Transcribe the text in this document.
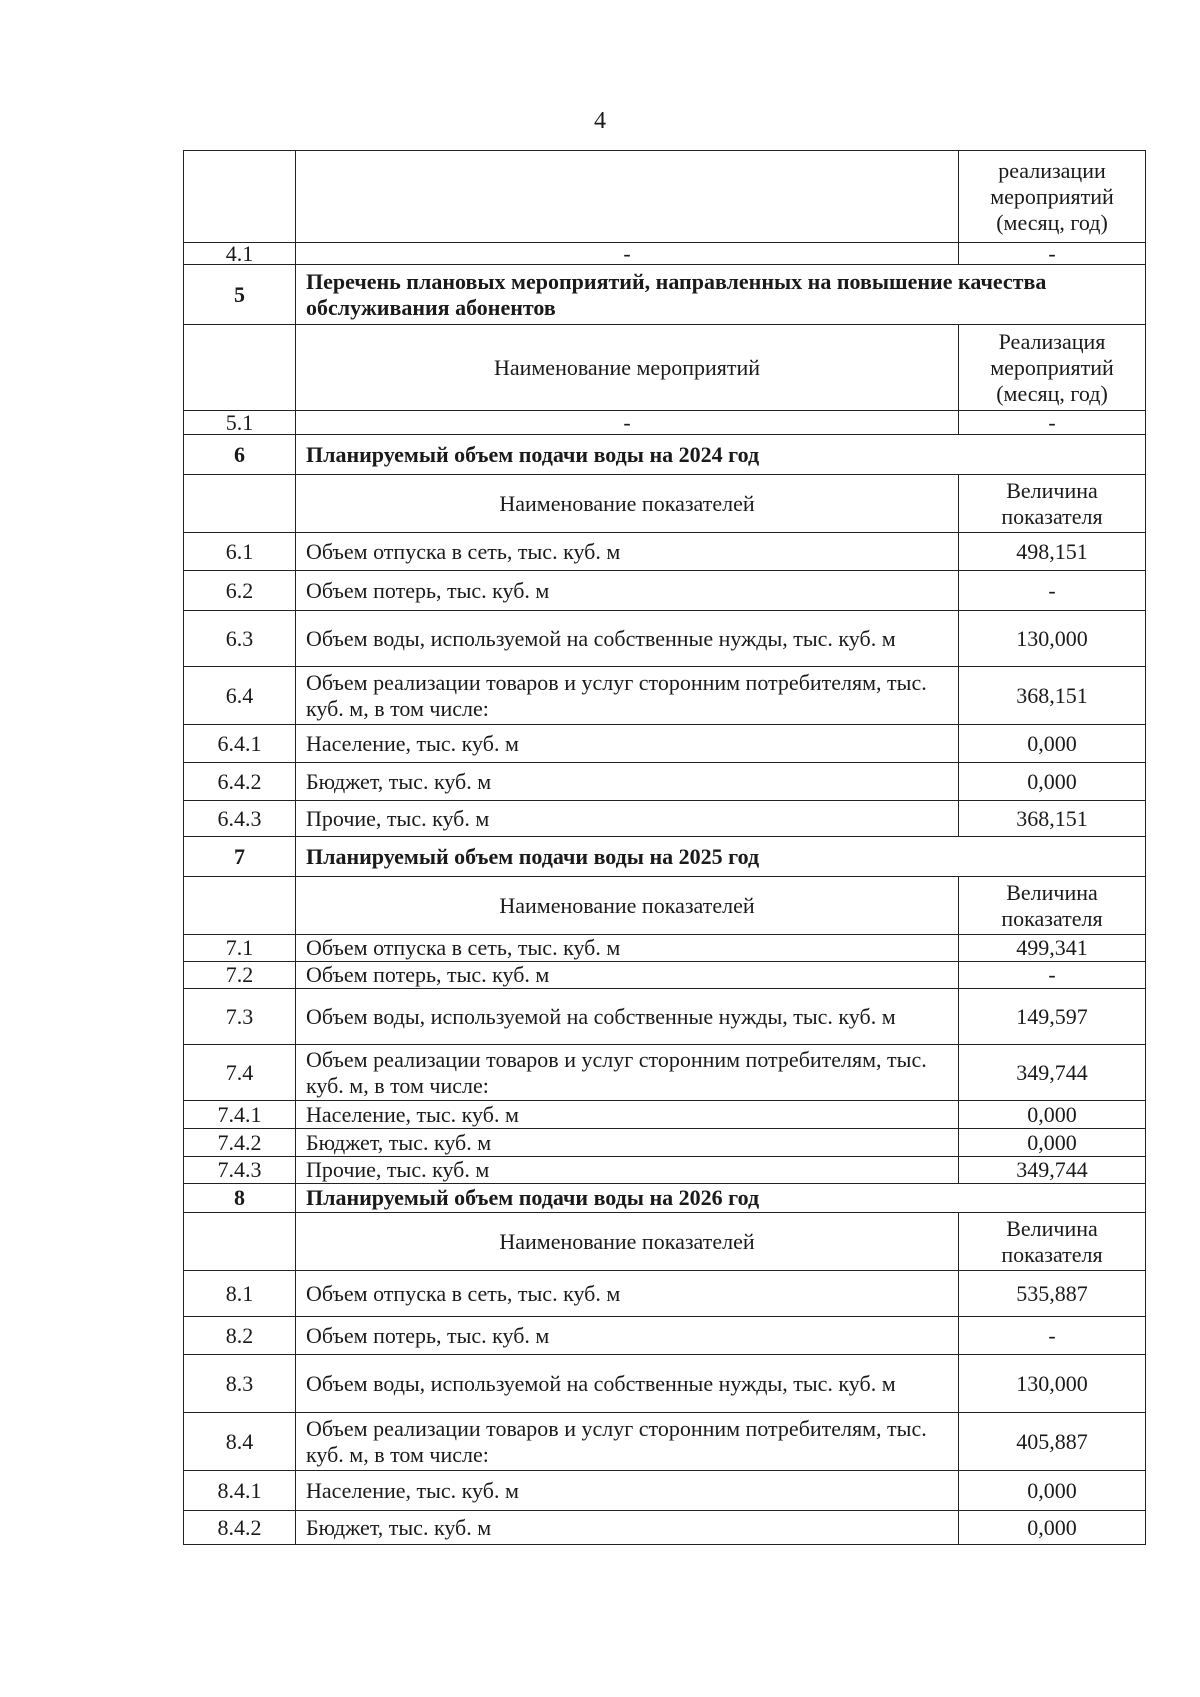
4
		реализации мероприятий (месяц, год)
4.1	-	-
5	Перечень плановых мероприятий, направленных на повышение качества обслуживания абонентов	
	Наименование мероприятий	Реализация мероприятий (месяц, год)
5.1	-	-
6	Планируемый объем подачи воды на 2024 год	
	Наименование показателей	Величина показателя
6.1	Объем отпуска в сеть, тыс. куб. м	498,151
6.2	Объем потерь, тыс. куб. м	-
6.3	Объем воды, используемой на собственные нужды, тыс. куб. м	130,000
6.4	Объем реализации товаров и услуг сторонним потребителям, тыс. куб. м, в том числе:	368,151
6.4.1	Население, тыс. куб. м	0,000
6.4.2	Бюджет, тыс. куб. м	0,000
6.4.3	Прочие, тыс. куб. м	368,151
7	Планируемый объем подачи воды на 2025 год	
	Наименование показателей	Величина показателя
7.1	Объем отпуска в сеть, тыс. куб. м	499,341
7.2	Объем потерь, тыс. куб. м	-
7.3	Объем воды, используемой на собственные нужды, тыс. куб. м	149,597
7.4	Объем реализации товаров и услуг сторонним потребителям, тыс. куб. м, в том числе:	349,744
7.4.1	Население, тыс. куб. м	0,000
7.4.2	Бюджет, тыс. куб. м	0,000
7.4.3	Прочие, тыс. куб. м	349,744
8	Планируемый объем подачи воды на 2026 год	
	Наименование показателей	Величина показателя
8.1	Объем отпуска в сеть, тыс. куб. м	535,887
8.2	Объем потерь, тыс. куб. м	-
8.3	Объем воды, используемой на собственные нужды, тыс. куб. м	130,000
8.4	Объем реализации товаров и услуг сторонним потребителям, тыс. куб. м, в том числе:	405,887
8.4.1	Население, тыс. куб. м	0,000
8.4.2	Бюджет, тыс. куб. м	0,000
